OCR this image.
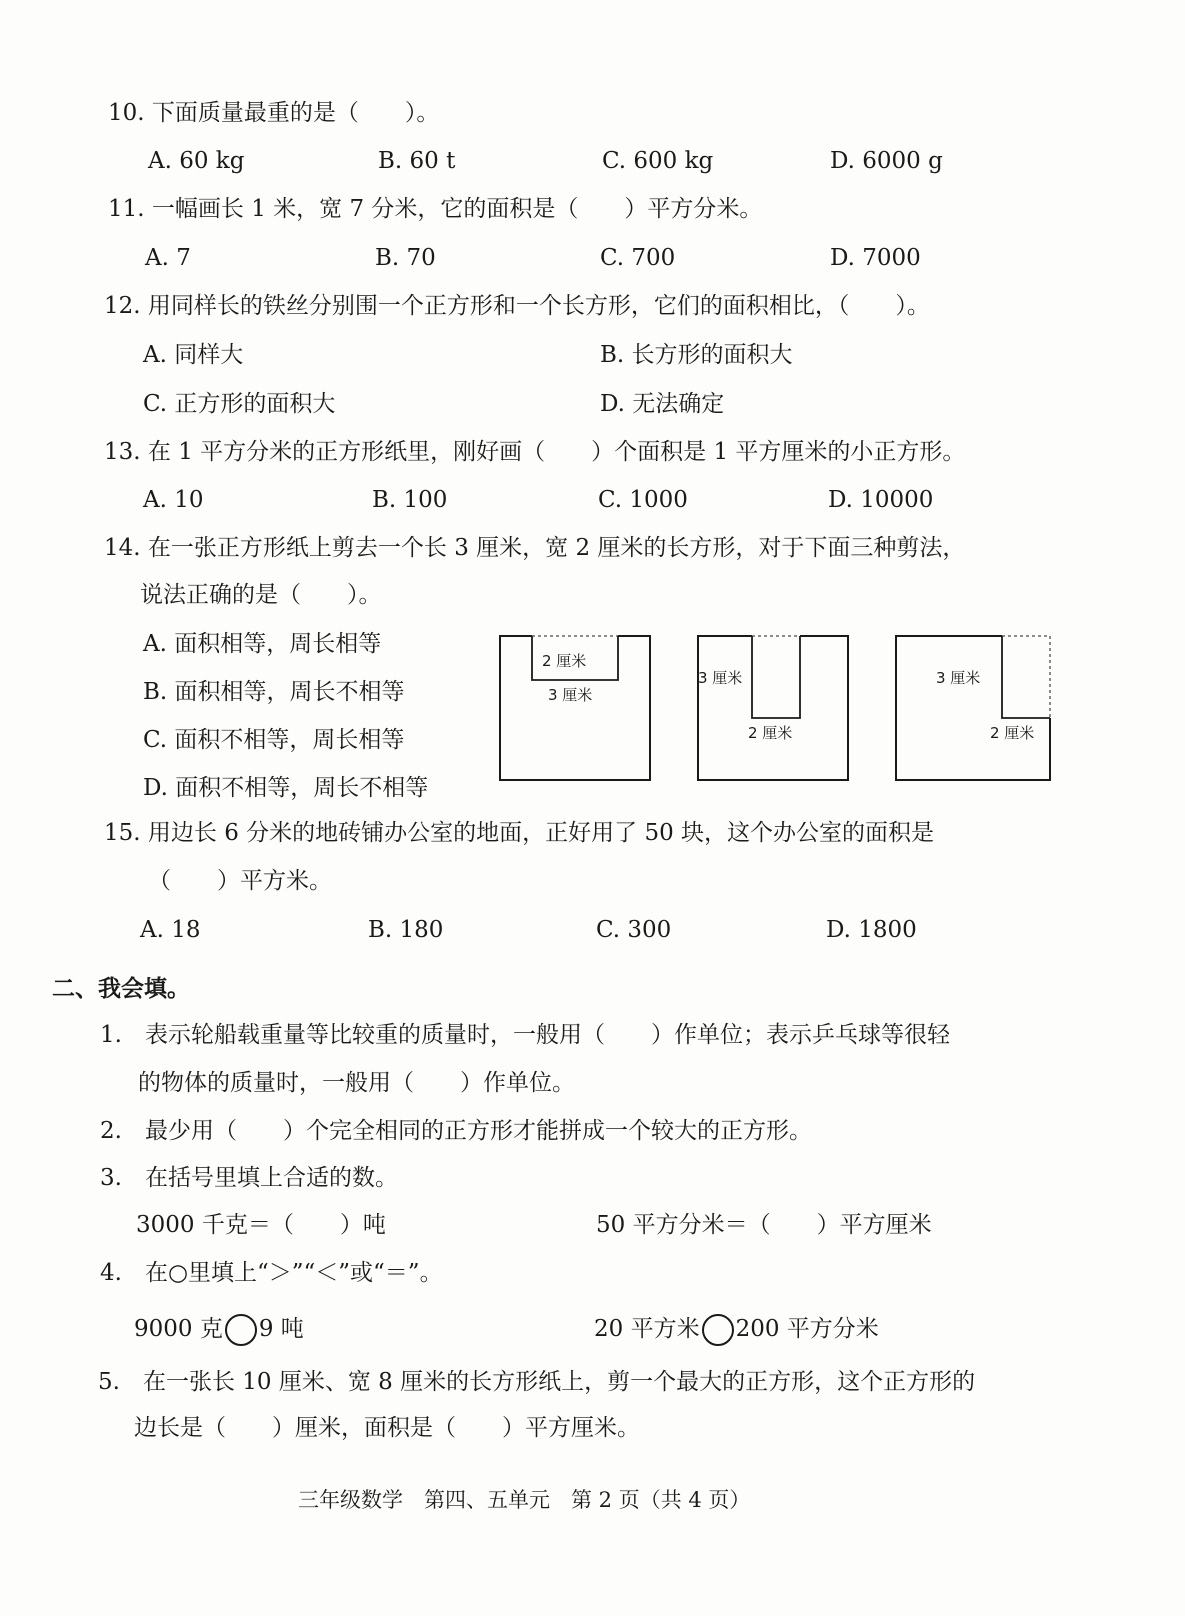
10. 下面质量最重的是（　　）。
A. 60 kg	B. 60 t	C. 600 kg	D. 6000 g
11. 一幅画长 1 米，宽 7 分米，它的面积是（　　）平方分米。
A. 7	B. 70	C. 700	D. 7000
12. 用同样长的铁丝分别围一个正方形和一个长方形，它们的面积相比，（　　）。
A. 同样大	B. 长方形的面积大
C. 正方形的面积大	D. 无法确定
13. 在 1 平方分米的正方形纸里，刚好画（　　）个面积是 1 平方厘米的小正方形。
A. 10	B. 100	C. 1000	D. 10000
14. 在一张正方形纸上剪去一个长 3 厘米，宽 2 厘米的长方形，对于下面三种剪法，
说法正确的是（　　）。
A. 面积相等，周长相等
B. 面积相等，周长不相等
C. 面积不相等，周长相等
D. 面积不相等，周长不相等
2 厘米
3 厘米
3 厘米
2 厘米
3 厘米
2 厘米
15. 用边长 6 分米的地砖铺办公室的地面，正好用了 50 块，这个办公室的面积是
（　　）平方米。
A. 18	B. 180	C. 300	D. 1800
二、我会填。
1.　表示轮船载重量等比较重的质量时，一般用（　　）作单位；表示乒乓球等很轻
的物体的质量时，一般用（　　）作单位。
2.　最少用（　　）个完全相同的正方形才能拼成一个较大的正方形。
3.　在括号里填上合适的数。
3000 千克＝（　　）吨	50 平方分米＝（　　）平方厘米
4.　在○里填上“＞”“＜”或“＝”。
9000 克 9 吨	20 平方米 200 平方分米
5.　在一张长 10 厘米、宽 8 厘米的长方形纸上，剪一个最大的正方形，这个正方形的
边长是（　　）厘米，面积是（　　）平方厘米。
三年级数学　第四、五单元　第 2 页（共 4 页）
